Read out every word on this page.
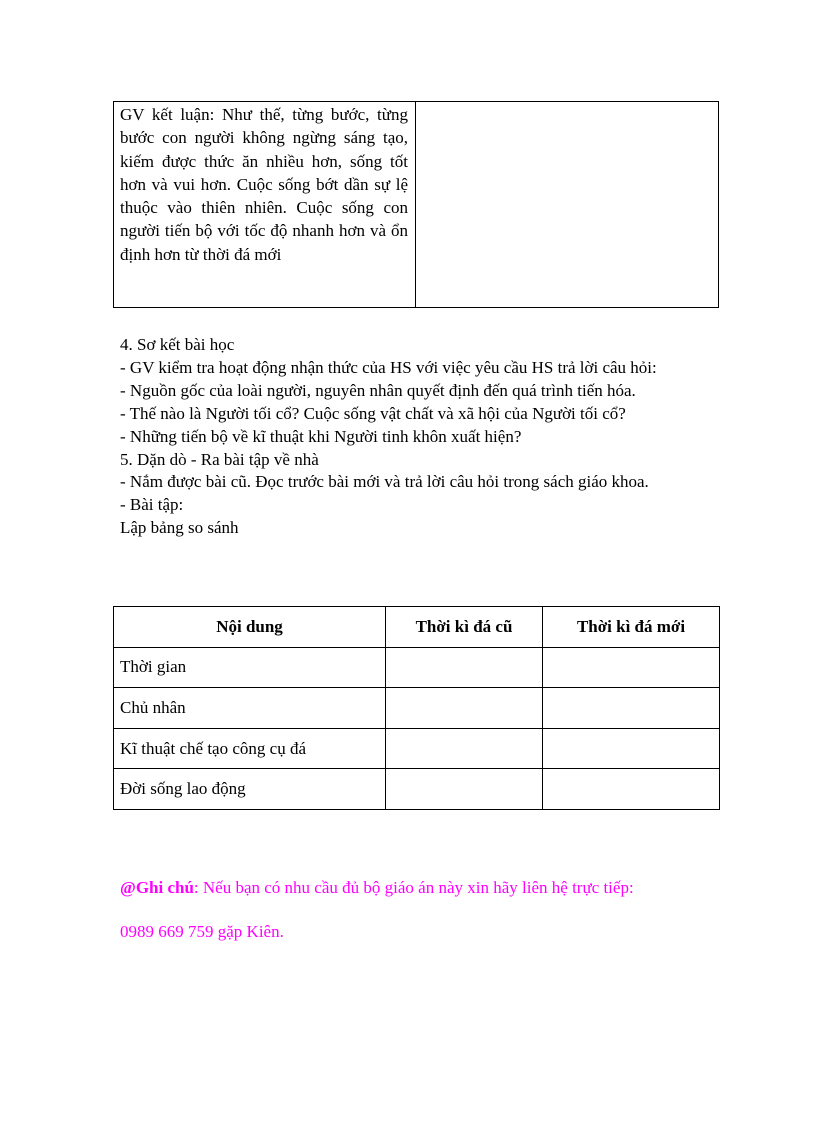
GV kết luận: Như thế, từng bước, từng bước con người không ngừng sáng tạo, kiếm được thức ăn nhiều hơn, sống tốt hơn và vui hơn. Cuộc sống bớt dần sự lệ thuộc vào thiên nhiên. Cuộc sống con người tiến bộ với tốc độ nhanh hơn và ổn định hơn từ thời đá mới

4. Sơ kết bài học

- GV kiểm tra hoạt động nhận thức của HS với việc yêu cầu HS trả lời câu hỏi:

- Nguồn gốc của loài người, nguyên nhân quyết định đến quá trình tiến hóa.

- Thế nào là Người tối cổ? Cuộc sống vật chất và xã hội của Người tối cổ?

- Những tiến bộ về kĩ thuật khi Người tinh khôn xuất hiện?

5. Dặn dò - Ra bài tập về nhà

- Nắm được bài cũ. Đọc trước bài mới và trả lời câu hỏi trong sách giáo khoa.

- Bài tập:

Lập bảng so sánh

Nội dung	Thời kì đá cũ	Thời kì đá mới
Thời gian		
Chủ nhân		
Kĩ thuật chế tạo công cụ đá		
Đời sống lao động		

@Ghi chú: Nếu bạn có nhu cầu đủ bộ giáo án này xin hãy liên hệ trực tiếp:

0989 669 759 gặp Kiên.
